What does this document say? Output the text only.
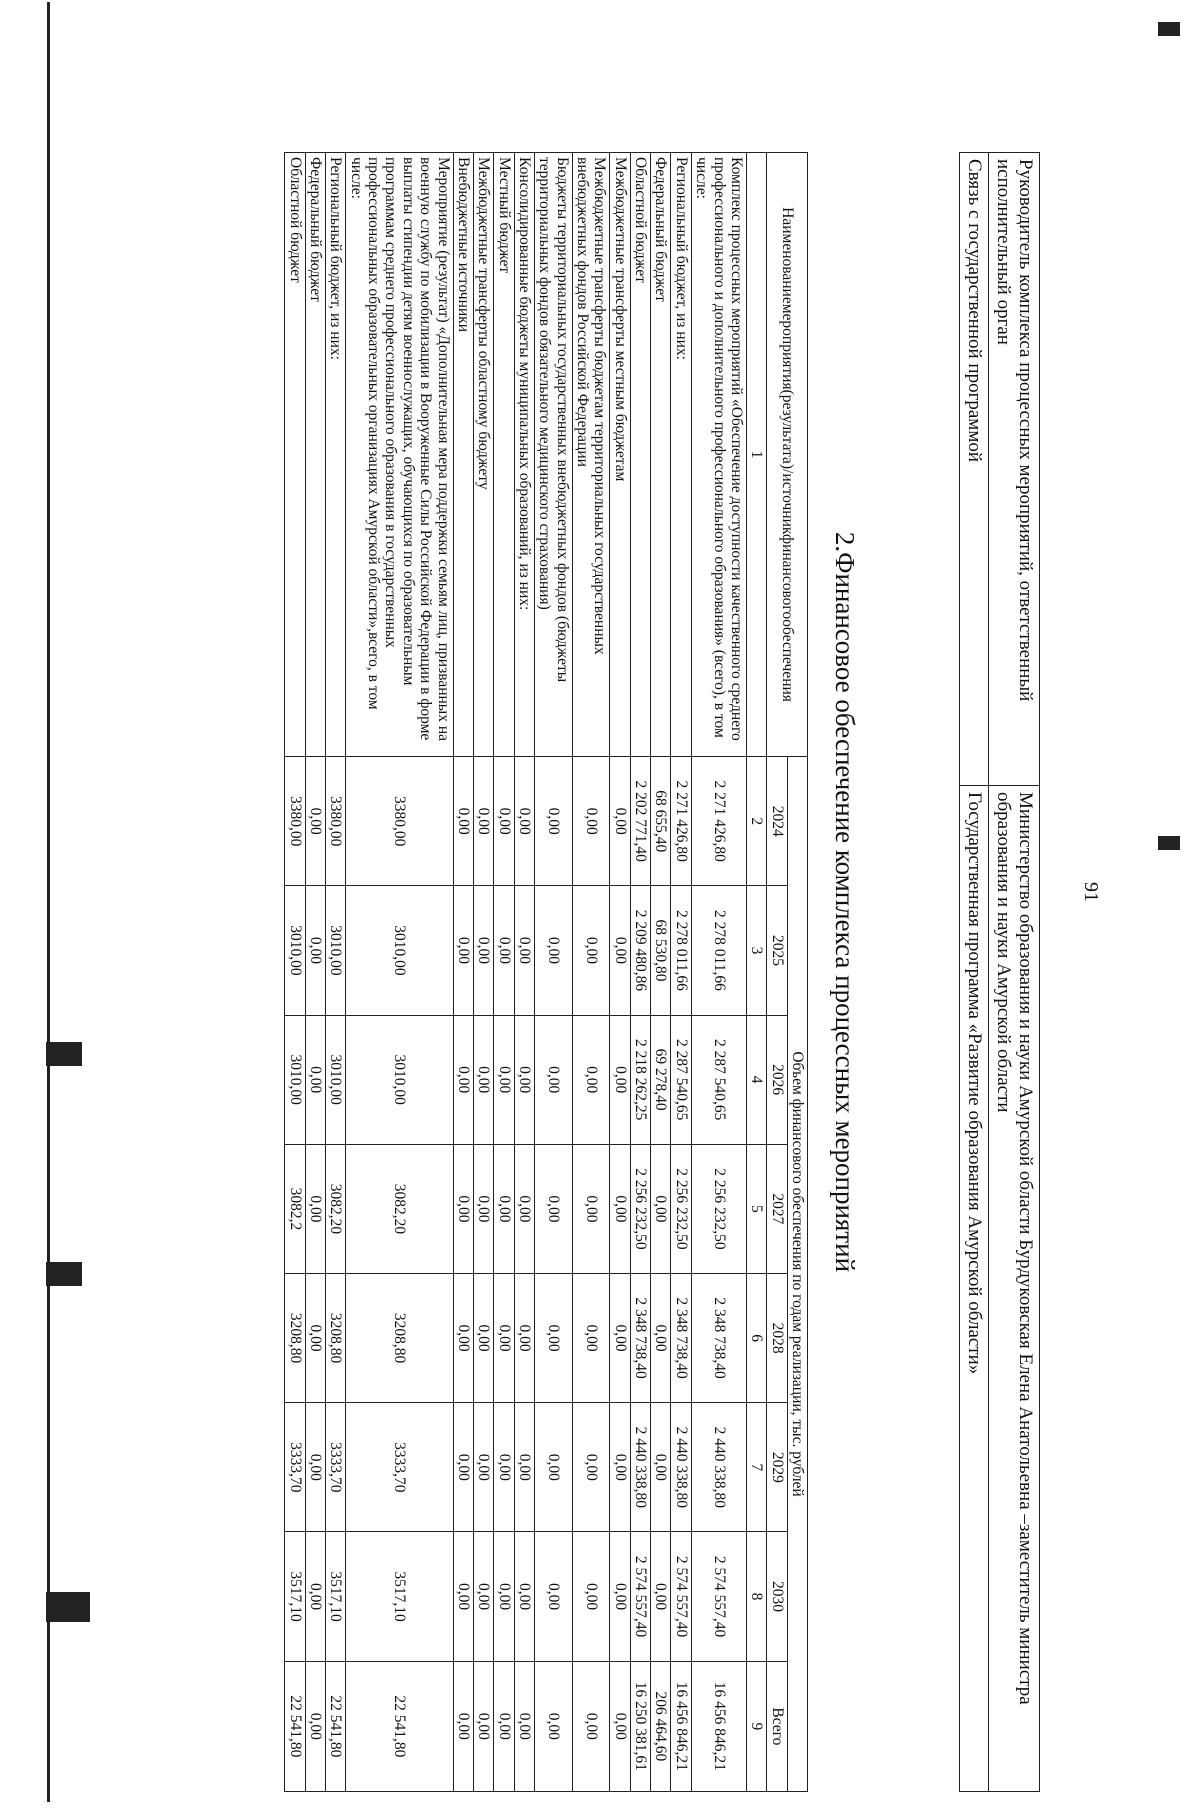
91
Руководитель комплекса процессных мероприятий, ответственный исполнительный орган	Министерство образования и науки Амурской области Бурдуковская Елена Анатольевна –заместитель министра образования и науки Амурской области
Связь с государственной программой	Государственная программа «Развитие образования Амурской области»
2.Финансовое обеспечение комплекса процессных мероприятий
Наименованиемероприятия(результата)/источникфинансовогообеспечения	Объем финансового обеспечения по годам реализации, тыс. рублей							
	2024	2025	2026	2027	2028	2029	2030	Всего
1	2	3	4	5	6	7	8	9
Комплекс процессных мероприятий «Обеспечение доступности качественного среднего профессионального и дополнительного профессионального образования» (всего), в том числе:	2 271 426,80	2 278 011,66	2 287 540,65	2 256 232,50	2 348 738,40	2 440 338,80	2 574 557,40	16 456 846,21
Региональный бюджет, из них:	2 271 426,80	2 278 011,66	2 287 540,65	2 256 232,50	2 348 738,40	2 440 338,80	2 574 557,40	16 456 846,21
Федеральный бюджет	68 655,40	68 530,80	69 278,40	0,00	0,00	0,00	0,00	206 464,60
Областной бюджет	2 202 771,40	2 209 480,86	2 218 262,25	2 256 232,50	2 348 738,40	2 440 338,80	2 574 557,40	16 250 381,61
Межбюджетные трансферты местным бюджетам	0,00	0,00	0,00	0,00	0,00	0,00	0,00	0,00
Межбюджетные трансферты бюджетам территориальных государственных внебюджетных фондов Российской Федерации	0,00	0,00	0,00	0,00	0,00	0,00	0,00	0,00
Бюджеты территориальных государственных внебюджетных фондов (бюджеты территориальных фондов обязательного медицинского страхования)	0,00	0,00	0,00	0,00	0,00	0,00	0,00	0,00
Консолидированные бюджеты муниципальных образований, из них:	0,00	0,00	0,00	0,00	0,00	0,00	0,00	0,00
Местный бюджет	0,00	0,00	0,00	0,00	0,00	0,00	0,00	0,00
Межбюджетные трансферты областному бюджету	0,00	0,00	0,00	0,00	0,00	0,00	0,00	0,00
Внебюджетные источники	0,00	0,00	0,00	0,00	0,00	0,00	0,00	0,00
Мероприятие (результат) «Дополнительная мера поддержки семьям лиц, призванных на военную службу по мобилизации в Вооруженные Силы Российской Федерации в форме выплаты стипендии детям военнослужащих, обучающихся по образовательным программам среднего профессионального образования в государственных профессиональных образовательных организациях Амурской области»,всего, в том числе:	3380,00	3010,00	3010,00	3082,20	3208,80	3333,70	3517,10	22 541,80
Региональный бюджет, из них:	3380,00	3010,00	3010,00	3082,20	3208,80	3333,70	3517,10	22 541,80
Федеральный бюджет	0,00	0,00	0,00	0,00	0,00	0,00	0,00	0,00
Областной бюджет	3380,00	3010,00	3010,00	3082,2	3208,80	3333,70	3517,10	22 541,80
